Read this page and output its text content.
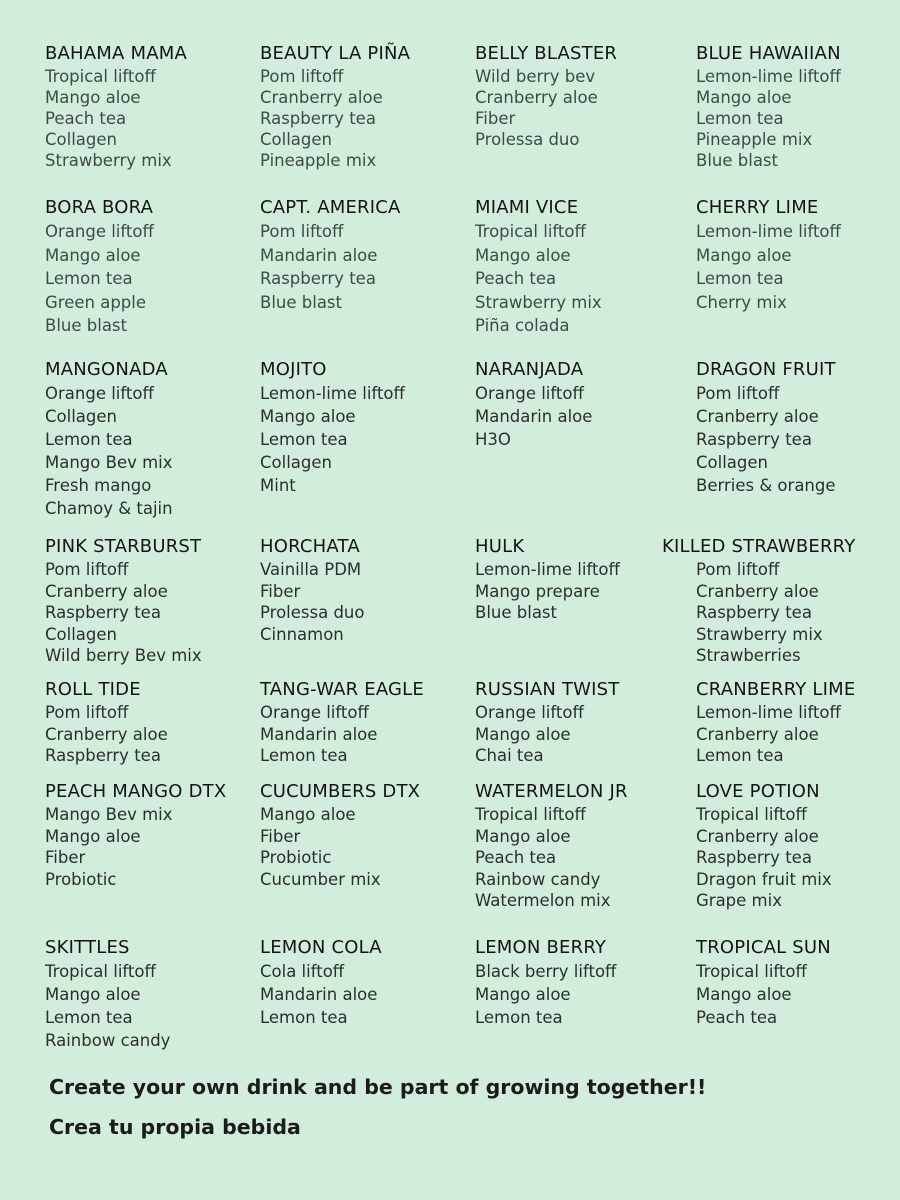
BAHAMA MAMA
Tropical liftoff
Mango aloe
Peach tea
Collagen
Strawberry mix
BEAUTY LA PIÑA
Pom liftoff
Cranberry aloe
Raspberry tea
Collagen
Pineapple mix
BELLY BLASTER
Wild berry bev
Cranberry aloe
Fiber
Prolessa duo
BLUE HAWAIIAN
Lemon-lime liftoff
Mango aloe
Lemon tea
Pineapple mix
Blue blast
BORA BORA
Orange liftoff
Mango aloe
Lemon tea
Green apple
Blue blast
CAPT. AMERICA
Pom liftoff
Mandarin aloe
Raspberry tea
Blue blast
MIAMI VICE
Tropical liftoff
Mango aloe
Peach tea
Strawberry mix
Piña colada
CHERRY LIME
Lemon-lime liftoff
Mango aloe
Lemon tea
Cherry mix
MANGONADA
Orange liftoff
Collagen
Lemon tea
Mango Bev mix
Fresh mango
Chamoy & tajin
MOJITO
Lemon-lime liftoff
Mango aloe
Lemon tea
Collagen
Mint
NARANJADA
Orange liftoff
Mandarin aloe
H3O
DRAGON FRUIT
Pom liftoff
Cranberry aloe
Raspberry tea
Collagen
Berries & orange
PINK STARBURST
Pom liftoff
Cranberry aloe
Raspberry tea
Collagen
Wild berry Bev mix
HORCHATA
Vainilla PDM
Fiber
Prolessa duo
Cinnamon
HULK
Lemon-lime liftoff
Mango prepare
Blue blast
KILLED STRAWBERRY
Pom liftoff
Cranberry aloe
Raspberry tea
Strawberry mix
Strawberries
ROLL TIDE
Pom liftoff
Cranberry aloe
Raspberry tea
TANG-WAR EAGLE
Orange liftoff
Mandarin aloe
Lemon tea
RUSSIAN TWIST
Orange liftoff
Mango aloe
Chai tea
CRANBERRY LIME
Lemon-lime liftoff
Cranberry aloe
Lemon tea
PEACH MANGO DTX
Mango Bev mix
Mango aloe
Fiber
Probiotic
CUCUMBERS DTX
Mango aloe
Fiber
Probiotic
Cucumber mix
WATERMELON JR
Tropical liftoff
Mango aloe
Peach tea
Rainbow candy
Watermelon mix
LOVE POTION
Tropical liftoff
Cranberry aloe
Raspberry tea
Dragon fruit mix
Grape mix
SKITTLES
Tropical liftoff
Mango aloe
Lemon tea
Rainbow candy
LEMON COLA
Cola liftoff
Mandarin aloe
Lemon tea
LEMON BERRY
Black berry liftoff
Mango aloe
Lemon tea
TROPICAL SUN
Tropical liftoff
Mango aloe
Peach tea
Create your own drink and be part of growing together!!
Crea tu propia bebida
